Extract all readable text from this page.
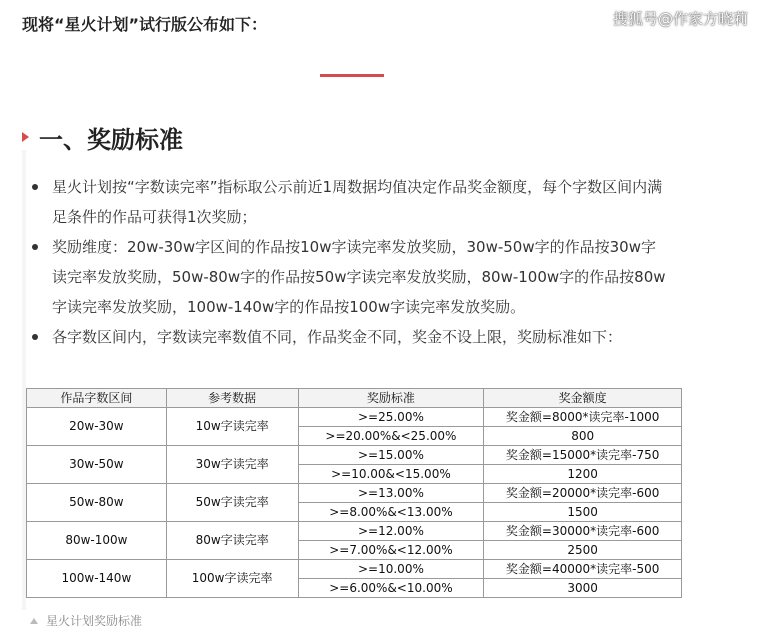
现将“星火计划”试行版公布如下：	搜狐号@作家方晓莉
一、奖励标准
星火计划按“字数读完率”指标取公示前近1周数据均值决定作品奖金额度，每个字数区间内满足条件的作品可获得1次奖励；
奖励维度：20w-30w字区间的作品按10w字读完率发放奖励，30w-50w字的作品按30w字读完率发放奖励，50w-80w字的作品按50w字读完率发放奖励，80w-100w字的作品按80w字读完率发放奖励，100w-140w字的作品按100w字读完率发放奖励。
各字数区间内，字数读完率数值不同，作品奖金不同，奖金不设上限，奖励标准如下：
作品字数区间	参考数据	奖励标准	奖金额度
20w-30w	10w字读完率	>=25.00%	奖金额=8000*读完率-1000
		>=20.00%&<25.00%	800
30w-50w	30w字读完率	>=15.00%	奖金额=15000*读完率-750
		>=10.00&<15.00%	1200
50w-80w	50w字读完率	>=13.00%	奖金额=20000*读完率-600
		>=8.00%&<13.00%	1500
80w-100w	80w字读完率	>=12.00%	奖金额=30000*读完率-600
		>=7.00%&<12.00%	2500
100w-140w	100w字读完率	>=10.00%	奖金额=40000*读完率-500
		>=6.00%&<10.00%	3000
星火计划奖励标准
